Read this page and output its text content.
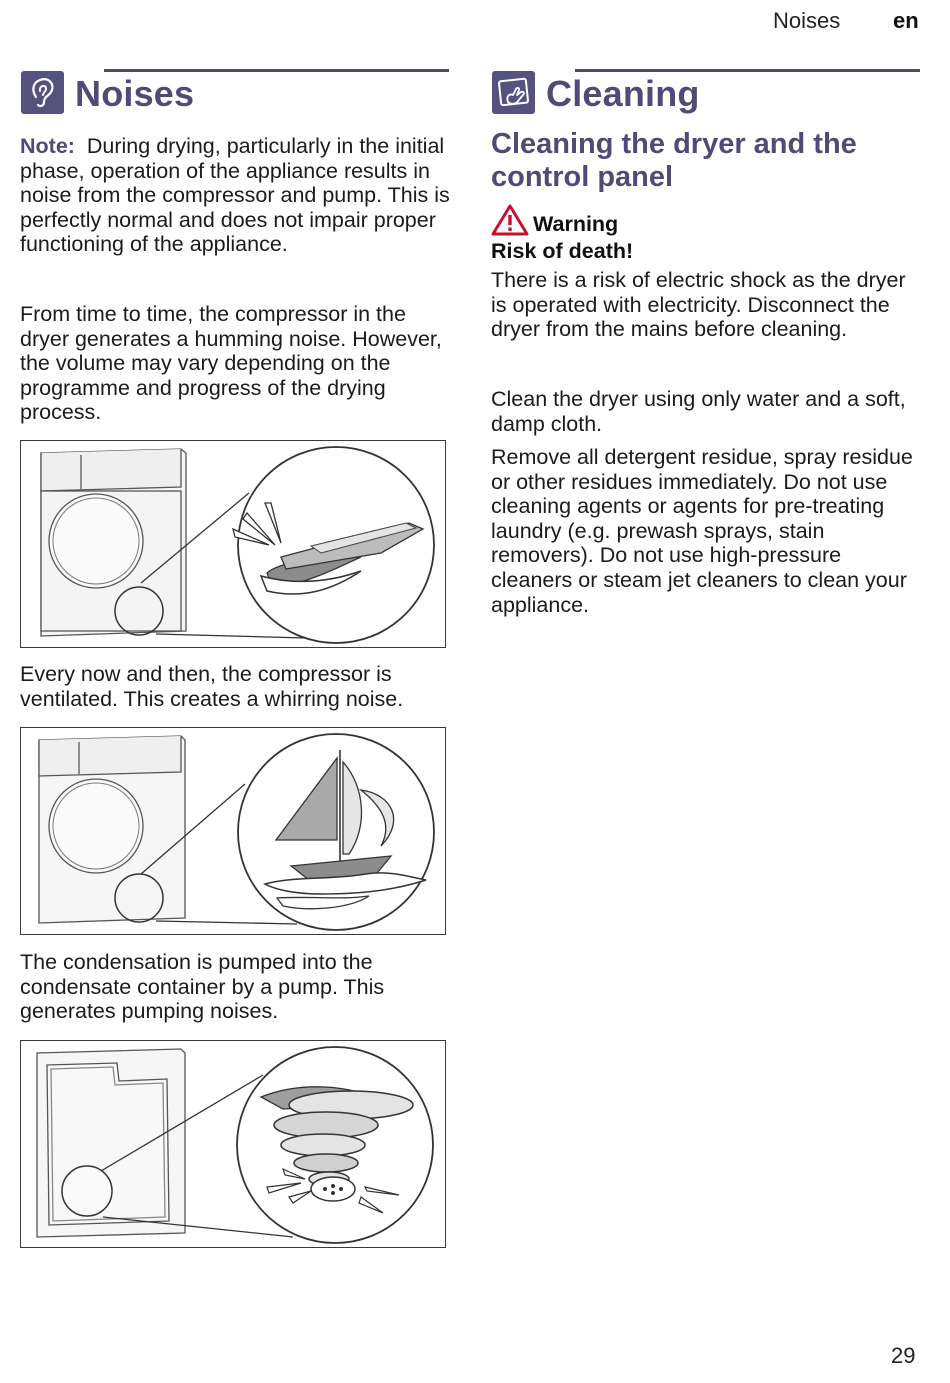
Noises en
Noises

Note: During drying, particularly in the initial phase, operation of the appliance results in noise from the compressor and pump. This is perfectly normal and does not impair proper functioning of the appliance.

From time to time, the compressor in the dryer generates a humming noise. However, the volume may vary depending on the programme and progress of the drying process.

Every now and then, the compressor is ventilated. This creates a whirring noise.

The condensation is pumped into the condensate container by a pump. This generates pumping noises.

Cleaning

Cleaning the dryer and the control panel

Warning
Risk of death!

There is a risk of electric shock as the dryer is operated with electricity. Disconnect the dryer from the mains before cleaning.

Clean the dryer using only water and a soft, damp cloth.

Remove all detergent residue, spray residue or other residues immediately. Do not use cleaning agents or agents for pre-treating laundry (e.g. prewash sprays, stain removers). Do not use high-pressure cleaners or steam jet cleaners to clean your appliance.

29
